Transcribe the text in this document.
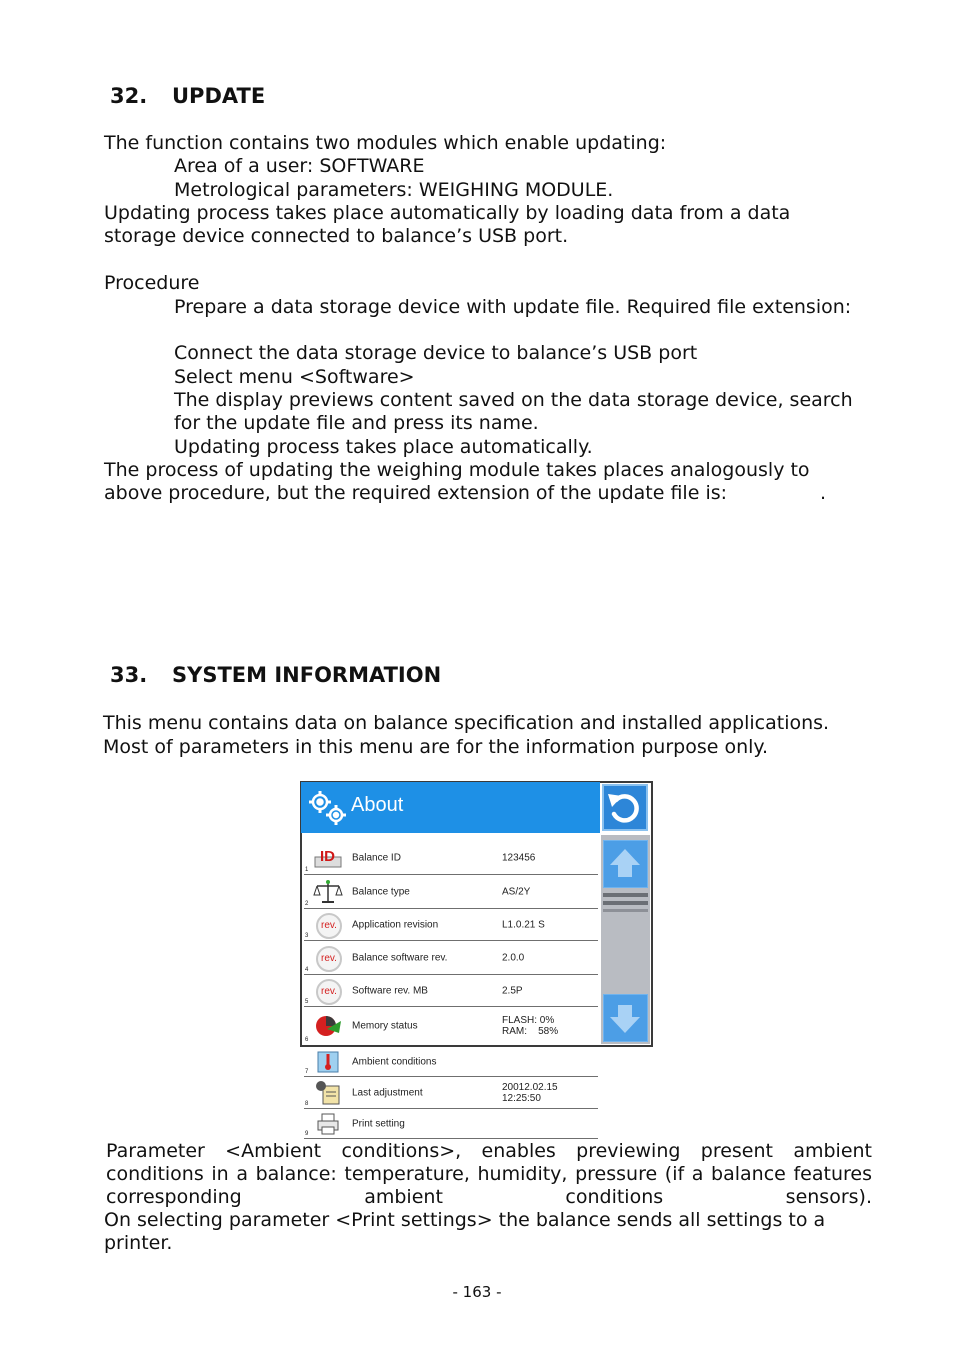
32. UPDATE
The function contains two modules which enable updating:
Area of a user: SOFTWARE
Metrological parameters: WEIGHING MODULE.
Updating process takes place automatically by loading data from a data
storage device connected to balance’s USB port.
Procedure
Prepare a data storage device with update file. Required file extension:
Connect the data storage device to balance’s USB port
Select menu <Software>
The display previews content saved on the data storage device, search
for the update file and press its name.
Updating process takes place automatically.
The process of updating the weighing module takes places analogously to
above procedure, but the required extension of the update file is:	.
33. SYSTEM INFORMATION
This menu contains data on balance specification and installed applications.
Most of parameters in this menu are for the information purpose only.
About
1
ID Balance ID	123456
2
Balance type	AS/2Y
3
rev.	Application revision	L1.0.21 S
4
rev.	Balance software rev.	2.0.0
5
rev.	Software rev. MB	2.5P
6
Memory status	FLASH: 0%
RAM:    58%
7
Ambient conditions
8
Last adjustment	20012.02.15
12:25:50
9
Print setting
Parameter <Ambient conditions>, enables previewing present ambient conditions in a balance: temperature, humidity, pressure (if a balance features corresponding ambient conditions sensors).
On selecting parameter <Print settings> the balance sends all settings to a
printer.
- 163 -
